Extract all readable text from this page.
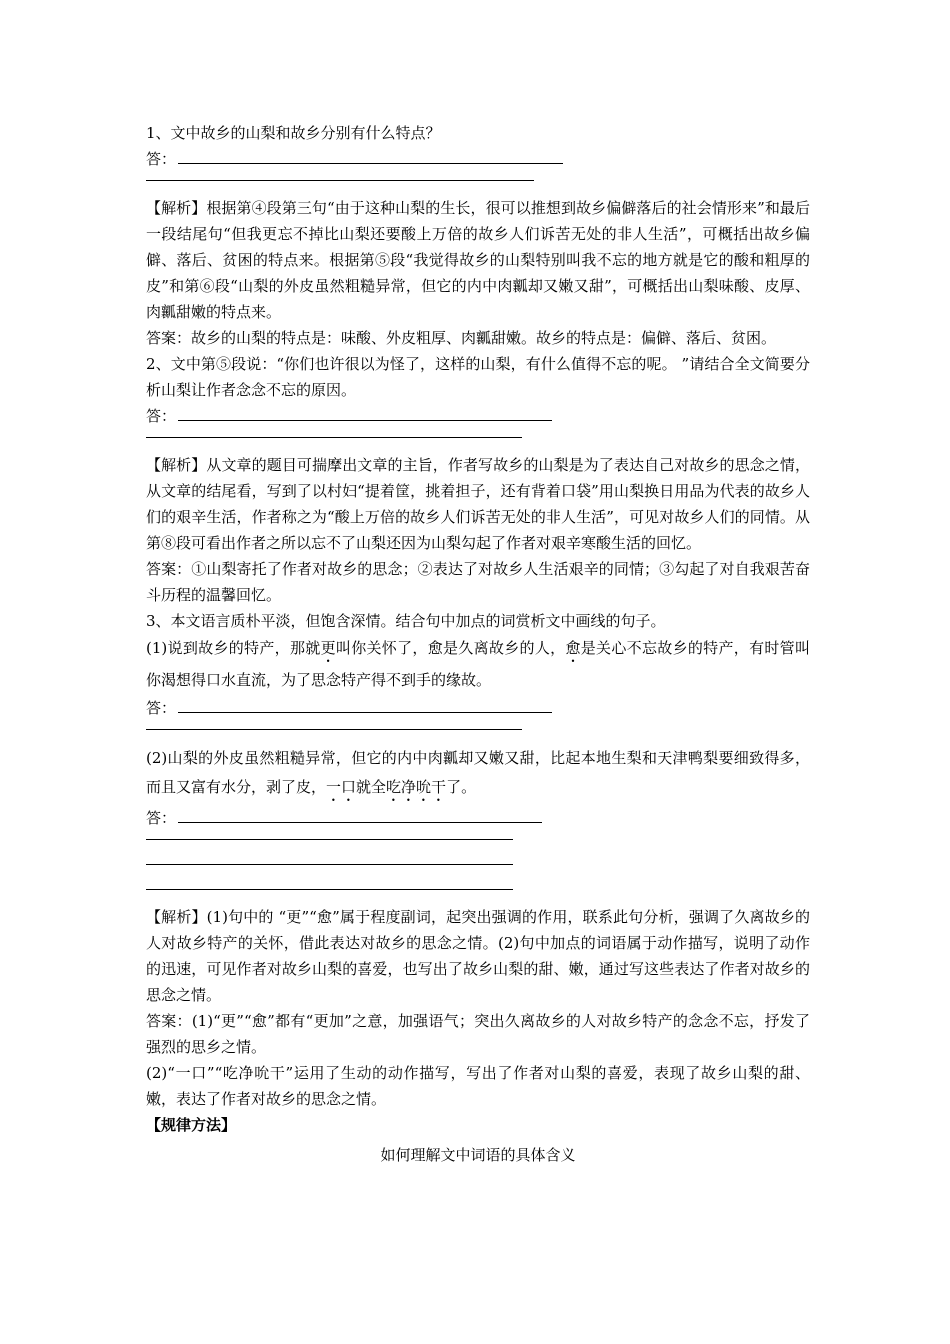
1、文中故乡的山梨和故乡分别有什么特点？
答：
【解析】根据第④段第三句“由于这种山梨的生长，很可以推想到故乡偏僻落后的社会情形来”和最后一段结尾句“但我更忘不掉比山梨还要酸上万倍的故乡人们诉苦无处的非人生活”，可概括出故乡偏僻、落后、贫困的特点来。根据第⑤段“我觉得故乡的山梨特别叫我不忘的地方就是它的酸和粗厚的皮”和第⑥段“山梨的外皮虽然粗糙异常，但它的内中肉瓤却又嫩又甜”，可概括出山梨味酸、皮厚、肉瓤甜嫩的特点来。
答案：故乡的山梨的特点是：味酸、外皮粗厚、肉瓤甜嫩。故乡的特点是：偏僻、落后、贫困。
2、文中第⑤段说：“你们也许很以为怪了，这样的山梨，有什么值得不忘的呢。 ”请结合全文简要分析山梨让作者念念不忘的原因。
答：
【解析】从文章的题目可揣摩出文章的主旨，作者写故乡的山梨是为了表达自己对故乡的思念之情，从文章的结尾看，写到了以村妇“提着筐，挑着担子，还有背着口袋”用山梨换日用品为代表的故乡人们的艰辛生活，作者称之为“酸上万倍的故乡人们诉苦无处的非人生活”，可见对故乡人们的同情。从第⑧段可看出作者之所以忘不了山梨还因为山梨勾起了作者对艰辛寒酸生活的回忆。
答案：①山梨寄托了作者对故乡的思念；②表达了对故乡人生活艰辛的同情；③勾起了对自我艰苦奋斗历程的温馨回忆。
3、本文语言质朴平淡，但饱含深情。结合句中加点的词赏析文中画线的句子。
(1)说到故乡的特产，那就更叫你关怀了，愈是久离故乡的人，愈是关心不忘故乡的特产，有时管叫你渴想得口水直流，为了思念特产得不到手的缘故。
答：
(2)山梨的外皮虽然粗糙异常，但它的内中肉瓤却又嫩又甜，比起本地生梨和天津鸭梨要细致得多，而且又富有水分，剥了皮，一口就全吃净吮干了。
答：
【解析】(1)句中的 “更”“愈”属于程度副词，起突出强调的作用，联系此句分析，强调了久离故乡的人对故乡特产的关怀，借此表达对故乡的思念之情。(2)句中加点的词语属于动作描写，说明了动作的迅速，可见作者对故乡山梨的喜爱，也写出了故乡山梨的甜、嫩，通过写这些表达了作者对故乡的思念之情。
答案：(1)“更”“愈”都有“更加”之意，加强语气；突出久离故乡的人对故乡特产的念念不忘，抒发了强烈的思乡之情。
(2)“一口”“吃净吮干”运用了生动的动作描写，写出了作者对山梨的喜爱，表现了故乡山梨的甜、嫩，表达了作者对故乡的思念之情。
【规律方法】
如何理解文中词语的具体含义
